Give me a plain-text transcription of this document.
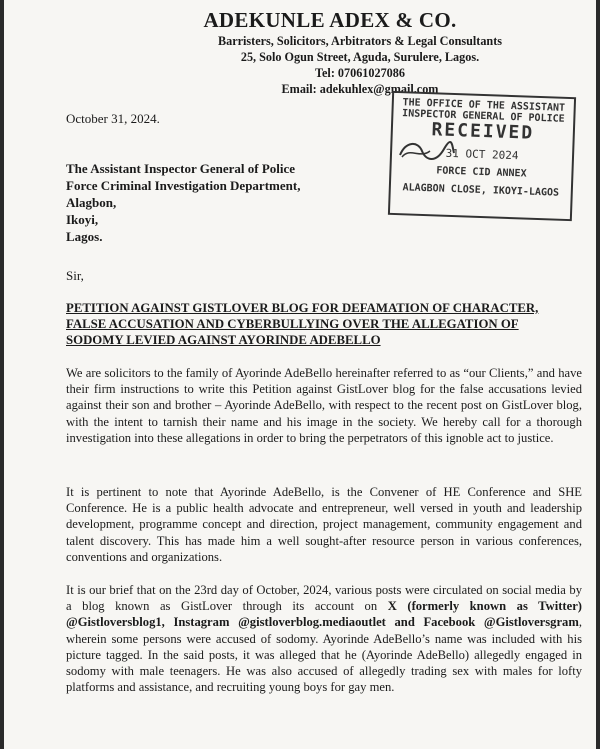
ADEKUNLE ADEX & CO.
Barristers, Solicitors, Arbitrators & Legal Consultants
25, Solo Ogun Street, Aguda, Surulere, Lagos.
Tel: 07061027086
Email: adekuhlex@gmail.com
October 31, 2024.
THE OFFICE OF THE ASSISTANT INSPECTOR GENERAL OF POLICE
RECEIVED
31 OCT 2024
FORCE CID ANNEX
ALAGBON CLOSE, IKOYI-LAGOS
The Assistant Inspector General of Police
Force Criminal Investigation Department,
Alagbon,
Ikoyi,
Lagos.
Sir,
PETITION AGAINST GISTLOVER BLOG FOR DEFAMATION OF CHARACTER, FALSE ACCUSATION AND CYBERBULLYING OVER THE ALLEGATION OF SODOMY LEVIED AGAINST AYORINDE ADEBELLO
We are solicitors to the family of Ayorinde AdeBello hereinafter referred to as “our Clients,” and have their firm instructions to write this Petition against GistLover blog for the false accusations levied against their son and brother – Ayorinde AdeBello, with respect to the recent post on GistLover blog, with the intent to tarnish their name and his image in the society. We hereby call for a thorough investigation into these allegations in order to bring the perpetrators of this ignoble act to justice.
It is pertinent to note that Ayorinde AdeBello, is the Convener of HE Conference and SHE Conference. He is a public health advocate and entrepreneur, well versed in youth and leadership development, programme concept and direction, project management, community engagement and talent discovery. This has made him a well sought-after resource person in various conferences, conventions and organizations.
It is our brief that on the 23rd day of October, 2024, various posts were circulated on social media by a blog known as GistLover through its account on X (formerly known as Twitter) @Gistloversblog1, Instagram @gistloverblog.mediaoutlet and Facebook @Gistloversgram, wherein some persons were accused of sodomy. Ayorinde AdeBello’s name was included with his picture tagged. In the said posts, it was alleged that he (Ayorinde AdeBello) allegedly engaged in sodomy with male teenagers. He was also accused of allegedly trading sex with males for lofty platforms and assistance, and recruiting young boys for gay men.
